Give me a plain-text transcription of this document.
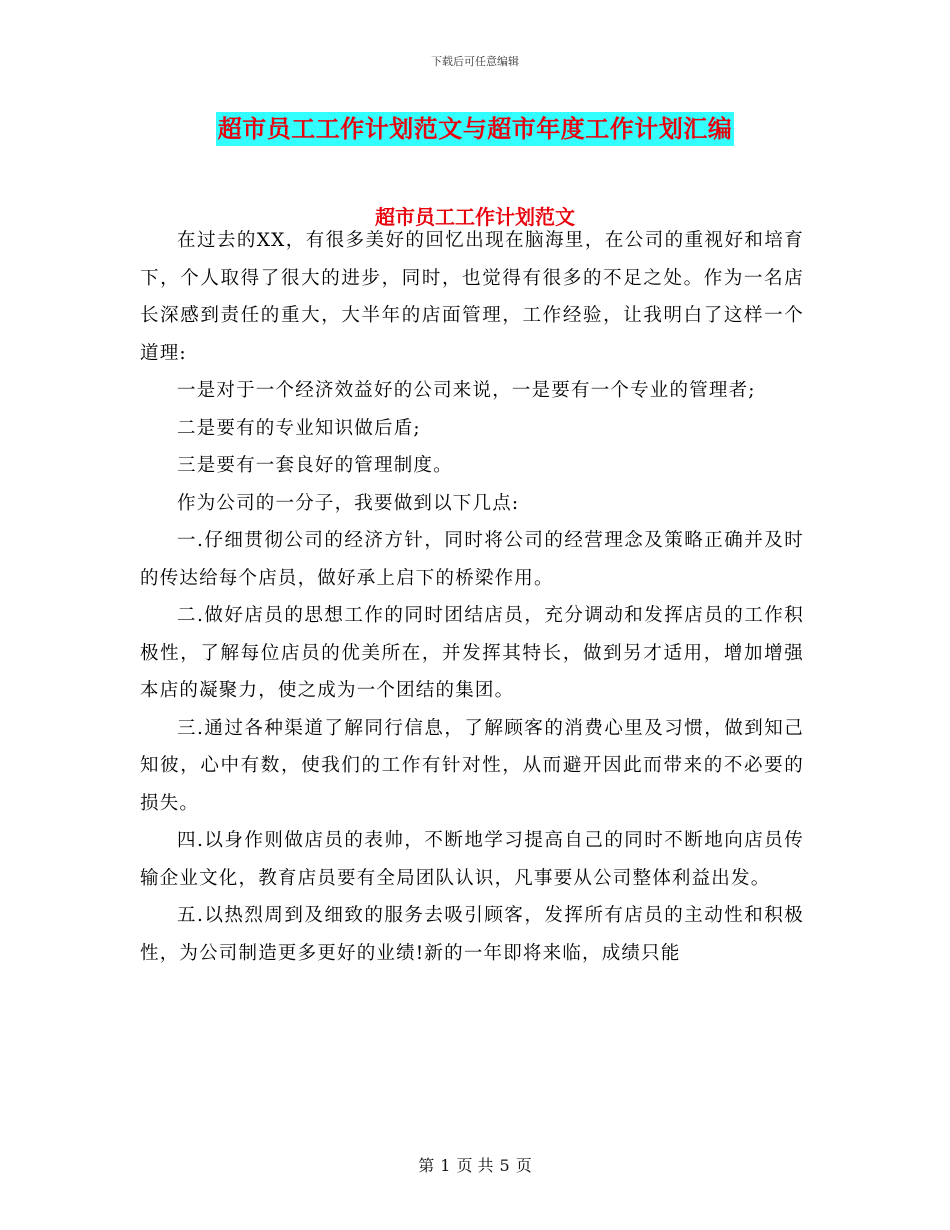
下载后可任意编辑
超市员工工作计划范文与超市年度工作计划汇编
超市员工工作计划范文

在过去的XX，有很多美好的回忆出现在脑海里，在公司的重视好和培育下，个人取得了很大的进步，同时，也觉得有很多的不足之处。作为一名店长深感到责任的重大，大半年的店面管理，工作经验，让我明白了这样一个道理:

一是对于一个经济效益好的公司来说，一是要有一个专业的管理者;

二是要有的专业知识做后盾;

三是要有一套良好的管理制度。

作为公司的一分子，我要做到以下几点:

一.仔细贯彻公司的经济方针，同时将公司的经营理念及策略正确并及时的传达给每个店员，做好承上启下的桥梁作用。

二.做好店员的思想工作的同时团结店员，充分调动和发挥店员的工作积极性，了解每位店员的优美所在，并发挥其特长，做到另才适用，增加增强本店的凝聚力，使之成为一个团结的集团。

三.通过各种渠道了解同行信息，了解顾客的消费心里及习惯，做到知己知彼，心中有数，使我们的工作有针对性，从而避开因此而带来的不必要的损失。

四.以身作则做店员的表帅，不断地学习提高自己的同时不断地向店员传输企业文化，教育店员要有全局团队认识，凡事要从公司整体利益出发。

五.以热烈周到及细致的服务去吸引顾客，发挥所有店员的主动性和积极性，为公司制造更多更好的业绩!新的一年即将来临，成绩只能

第 1 页 共 5 页
